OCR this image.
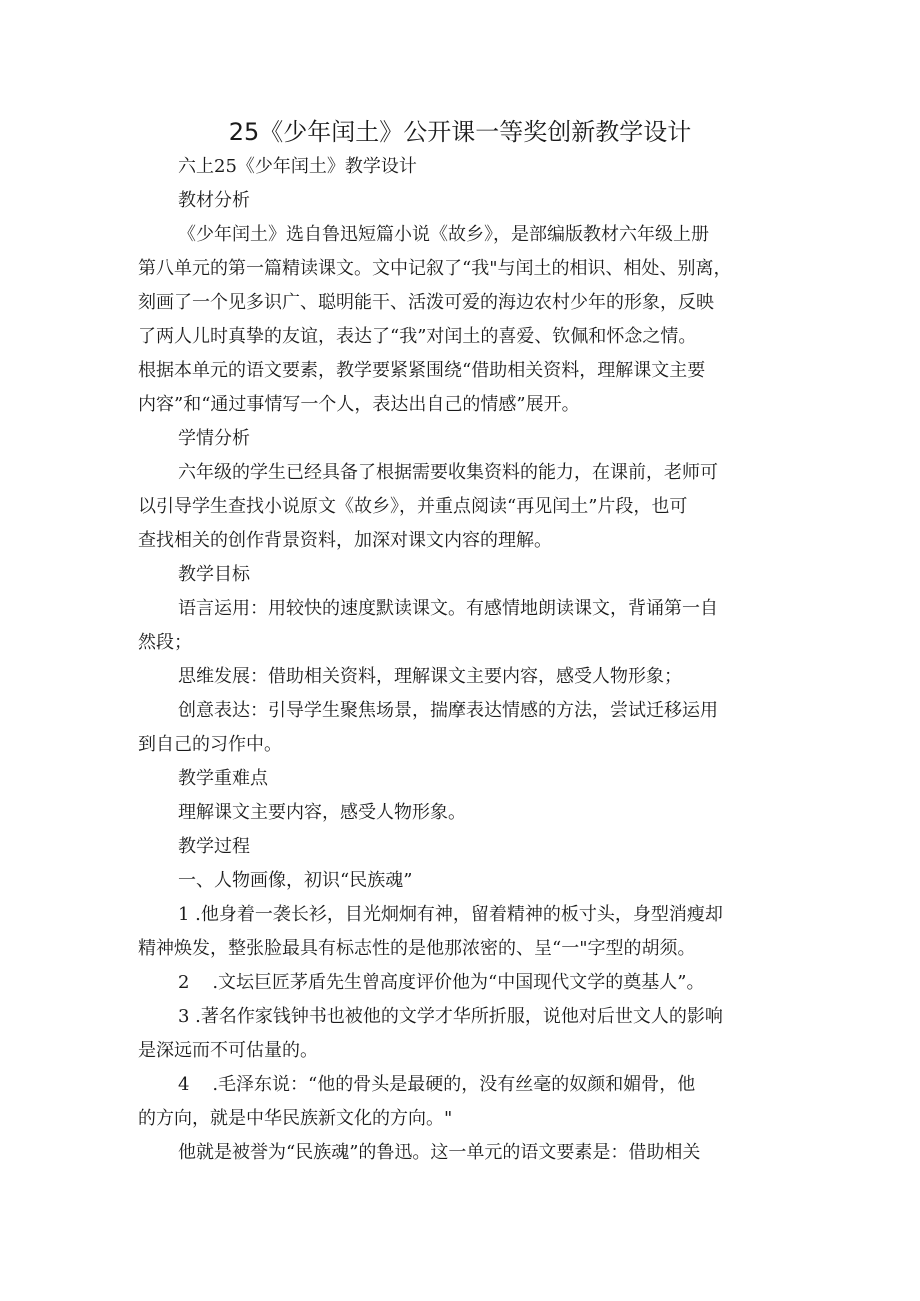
25《少年闰土》公开课一等奖创新教学设计

六上25《少年闰土》教学设计

教材分析

《少年闰土》选自鲁迅短篇小说《故乡》，是部编版教材六年级上册

第八单元的第一篇精读课文。文中记叙了“我"与闰土的相识、相处、别离，

刻画了一个见多识广、聪明能干、活泼可爱的海边农村少年的形象，反映

了两人儿时真挚的友谊，表达了“我”对闰土的喜爱、钦佩和怀念之情。

根据本单元的语文要素，教学要紧紧围绕“借助相关资料，理解课文主要

内容”和“通过事情写一个人，表达出自己的情感”展开。

学情分析

六年级的学生已经具备了根据需要收集资料的能力，在课前，老师可

以引导学生查找小说原文《故乡》，并重点阅读“再见闰土”片段，也可

查找相关的创作背景资料，加深对课文内容的理解。

教学目标

语言运用：用较快的速度默读课文。有感情地朗读课文，背诵第一自

然段；

思维发展：借助相关资料，理解课文主要内容，感受人物形象；

创意表达：引导学生聚焦场景，揣摩表达情感的方法，尝试迁移运用

到自己的习作中。

教学重难点

理解课文主要内容，感受人物形象。

教学过程

一、人物画像，初识“民族魂”

1 .他身着一袭长衫，目光炯炯有神，留着精神的板寸头，身型消瘦却

精神焕发，整张脸最具有标志性的是他那浓密的、呈“一"字型的胡须。

2    .文坛巨匠茅盾先生曾高度评价他为“中国现代文学的奠基人”。

3 .著名作家钱钟书也被他的文学才华所折服，说他对后世文人的影响

是深远而不可估量的。

4    .毛泽东说：“他的骨头是最硬的，没有丝毫的奴颜和媚骨，他

的方向，就是中华民族新文化的方向。"

他就是被誉为“民族魂”的鲁迅。这一单元的语文要素是：借助相关
